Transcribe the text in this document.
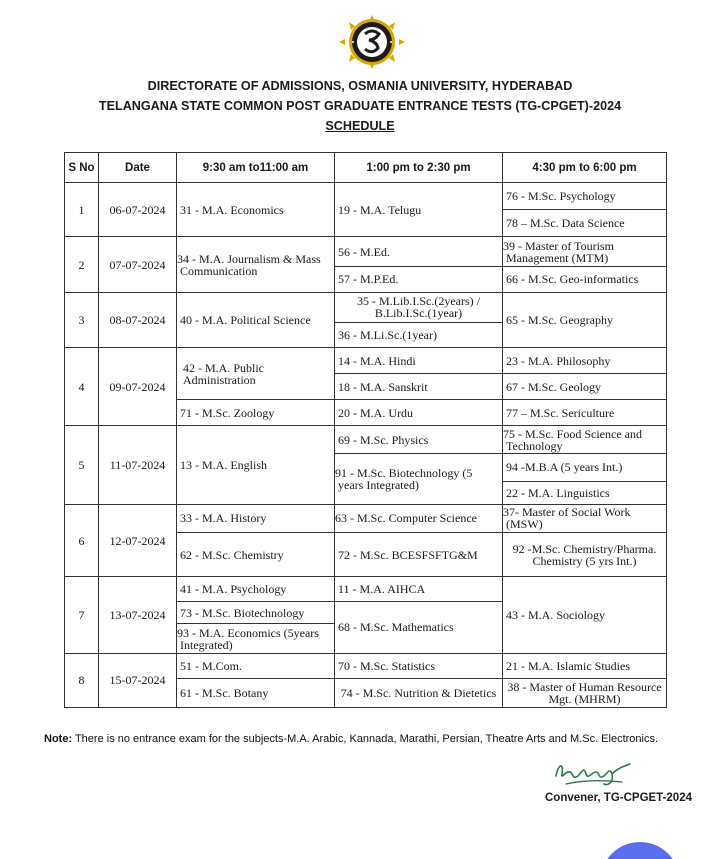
DIRECTORATE OF ADMISSIONS, OSMANIA UNIVERSITY, HYDERABAD
TELANGANA STATE COMMON POST GRADUATE ENTRANCE TESTS (TG-CPGET)-2024
SCHEDULE
S No	Date	9:30 am to11:00 am	1:00 pm to 2:30 pm	4:30 pm to 6:00 pm
1	06-07-2024	31 - M.A. Economics	19 - M.A. Telugu	76 - M.Sc. Psychology
				78 – M.Sc. Data Science
2	07-07-2024	34 - M.A. Journalism & Mass Communication	56 - M.Ed.	39 - Master of Tourism Management (MTM)
			57 - M.P.Ed.	66 - M.Sc. Geo-informatics
3	08-07-2024	40 - M.A. Political Science	35 - M.Lib.I.Sc.(2years) / B.Lib.I.Sc.(1year)	65 - M.Sc. Geography
			36 - M.Li.Sc.(1year)	
4	09-07-2024	42 - M.A. Public Administration	14 - M.A. Hindi	23 - M.A. Philosophy
			18 - M.A. Sanskrit	67 - M.Sc. Geology
		71 - M.Sc. Zoology	20 - M.A. Urdu	77 – M.Sc. Sericulture
5	11-07-2024	13 - M.A. English	69 - M.Sc. Physics	75 - M.Sc. Food Science and Technology
			91 - M.Sc. Biotechnology (5 years Integrated)	94 -M.B.A (5 years Int.)
				22 - M.A. Linguistics
6	12-07-2024	33 - M.A. History	63 - M.Sc. Computer Science	37- Master of Social Work (MSW)
		62 - M.Sc. Chemistry	72 - M.Sc. BCESFSFTG&M	92 -M.Sc. Chemistry/Pharma. Chemistry (5 yrs Int.)
7	13-07-2024	41 - M.A. Psychology	11 - M.A. AIHCA	43 - M.A. Sociology
		73 - M.Sc. Biotechnology	68 - M.Sc. Mathematics	
		93 - M.A. Economics (5years Integrated)		
8	15-07-2024	51 - M.Com.	70 - M.Sc. Statistics	21 - M.A. Islamic Studies
		61 - M.Sc. Botany	74 - M.Sc. Nutrition & Dietetics	38 - Master of Human Resource Mgt. (MHRM)
Note: There is no entrance exam for the subjects-M.A. Arabic, Kannada, Marathi, Persian, Theatre Arts and M.Sc. Electronics.
Convener, TG-CPGET-2024
